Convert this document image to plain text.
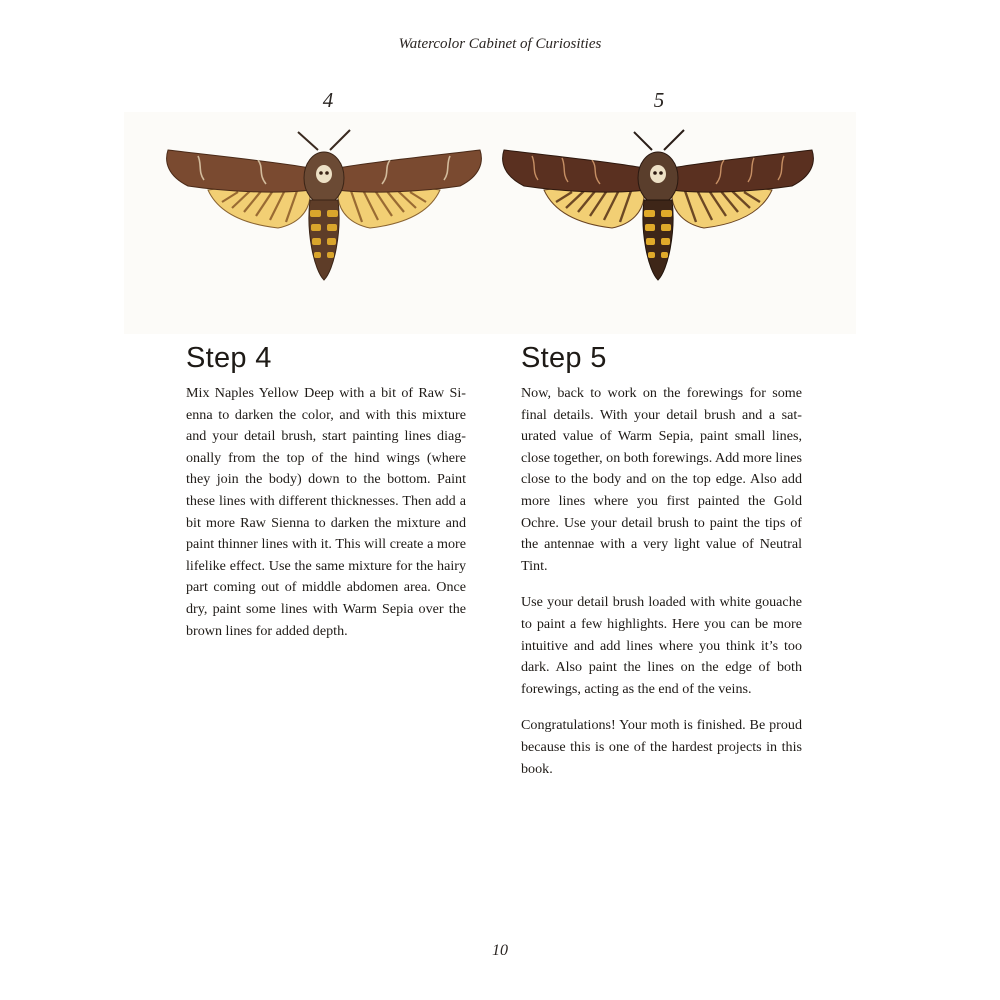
Watercolor Cabinet of Curiosities
4	5
Step 4

Mix Naples Yellow Deep with a bit of Raw Sienna to darken the color, and with this mixture and your detail brush, start painting lines diagonally from the top of the hind wings (where they join the body) down to the bottom. Paint these lines with different thicknesses. Then add a bit more Raw Sienna to darken the mixture and paint thinner lines with it. This will create a more lifelike effect. Use the same mixture for the hairy part coming out of middle abdomen area. Once dry, paint some lines with Warm Sepia over the brown lines for added depth.

Step 5

Now, back to work on the forewings for some final details. With your detail brush and a saturated value of Warm Sepia, paint small lines, close together, on both forewings. Add more lines close to the body and on the top edge. Also add more lines where you first painted the Gold Ochre. Use your detail brush to paint the tips of the antennae with a very light value of Neutral Tint.

Use your detail brush loaded with white gouache to paint a few highlights. Here you can be more intuitive and add lines where you think it’s too dark. Also paint the lines on the edge of both forewings, acting as the end of the veins.

Congratulations! Your moth is finished. Be proud because this is one of the hardest projects in this book.

10
